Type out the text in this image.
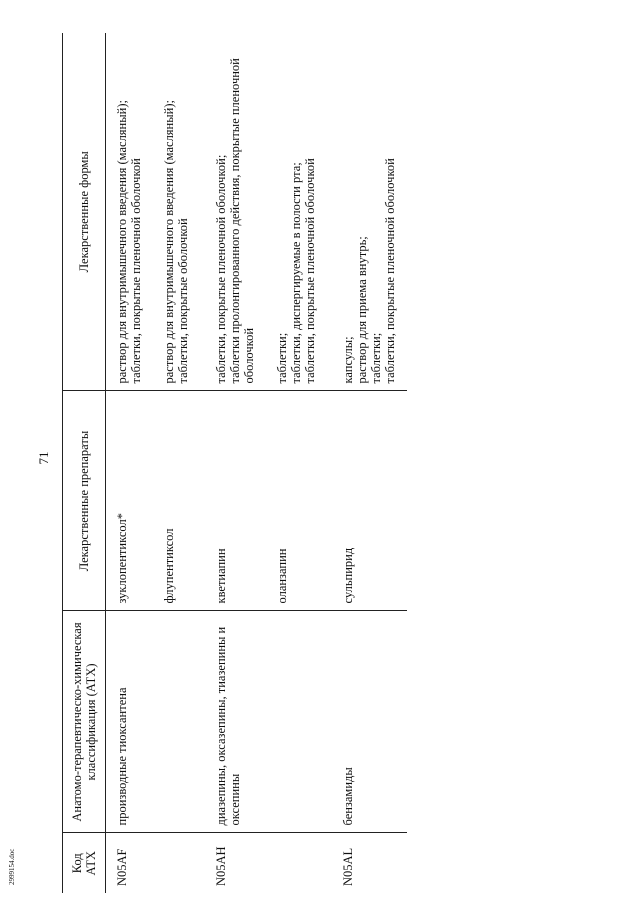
71
Код АТХ	Анатомо-терапевтическо-химическая классификация (АТХ)	Лекарственные препараты	Лекарственные формы
N05AF	производные тиоксантена	зуклопентиксол*	раствор для внутримышечного введения (масляный); таблетки, покрытые пленочной оболочкой

		флупентиксол	раствор для внутримышечного введения (масляный); таблетки, покрытые оболочкой

N05AH	диазепины, оксазепины, тиазепины и оксепины	кветиапин	таблетки, покрытые пленочной оболочкой; таблетки пролонгированного действия, покрытые пленочной оболочкой

		оланзапин	таблетки; таблетки, диспергируемые в полости рта; таблетки, покрытые пленочной оболочкой

N05AL	бензамиды	сульпирид	капсулы; раствор для приема внутрь; таблетки; таблетки, покрытые пленочной оболочкой
2999154.doc
